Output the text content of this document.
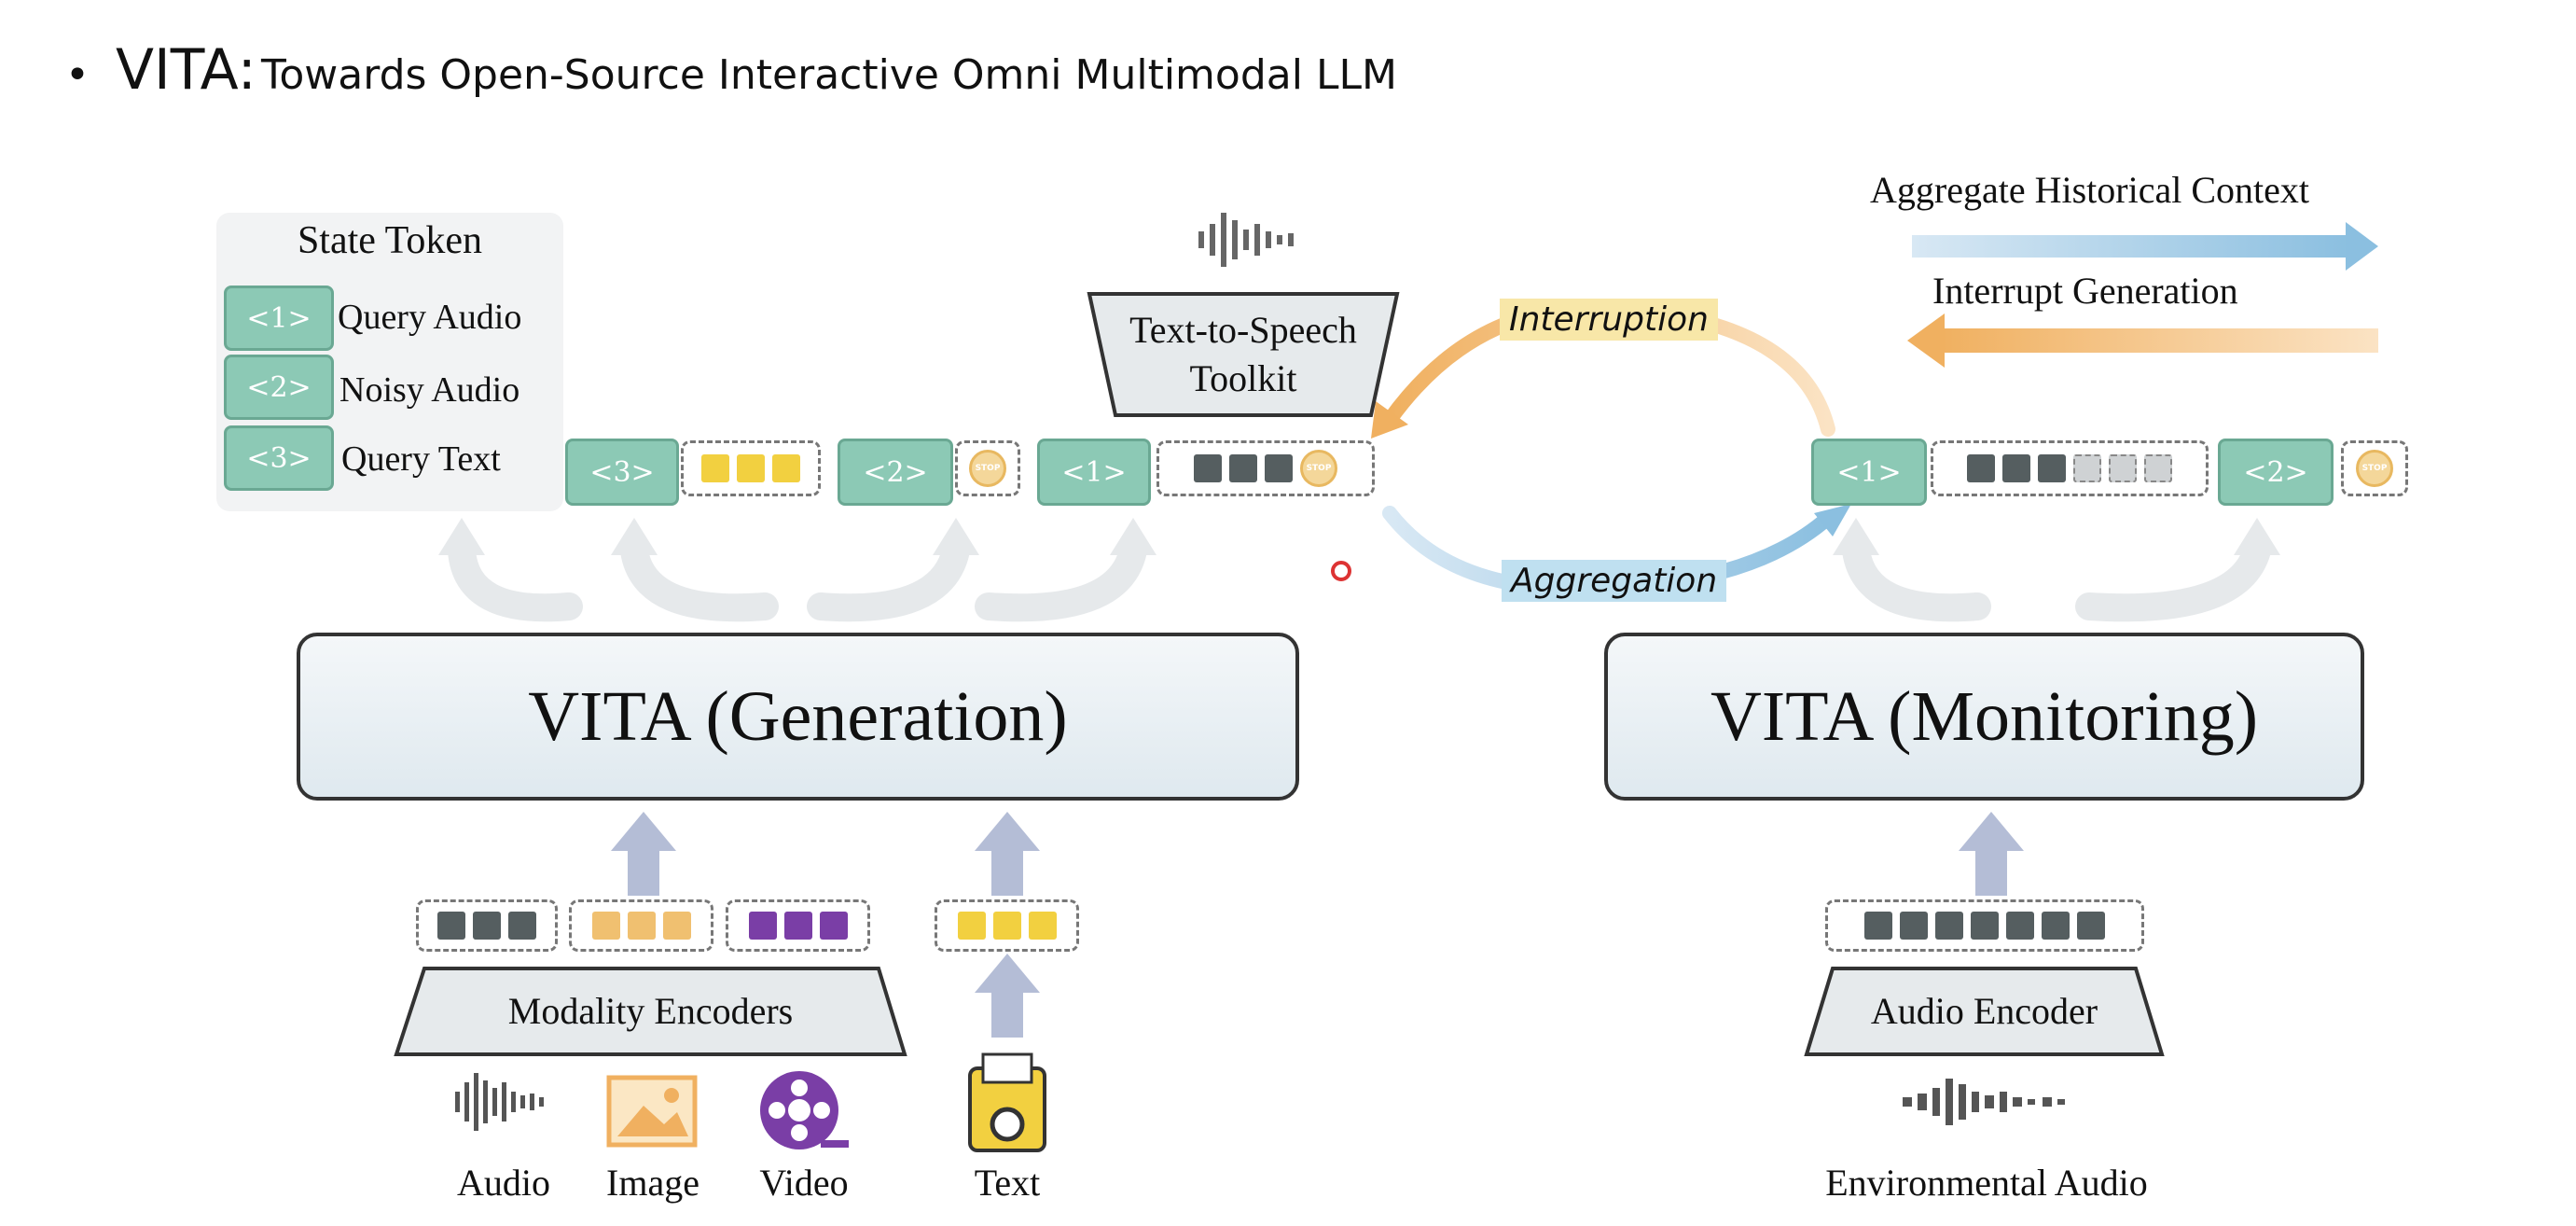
• VITA: Towards Open-Source Interactive Omni Multimodal LLM
State Token
<1> Query Audio
<2> Noisy Audio
<3> Query Text	<3>	<2>	STOP	<1>	STOP
Text-to-Speech
Toolkit
Interruption
Aggregation
Aggregate Historical Context
Interrupt Generation
<1>	<2>	STOP
VITA (Generation)	VITA (Monitoring)
Modality Encoders	Audio Encoder
Audio	Image	Video	Text	Environmental Audio
